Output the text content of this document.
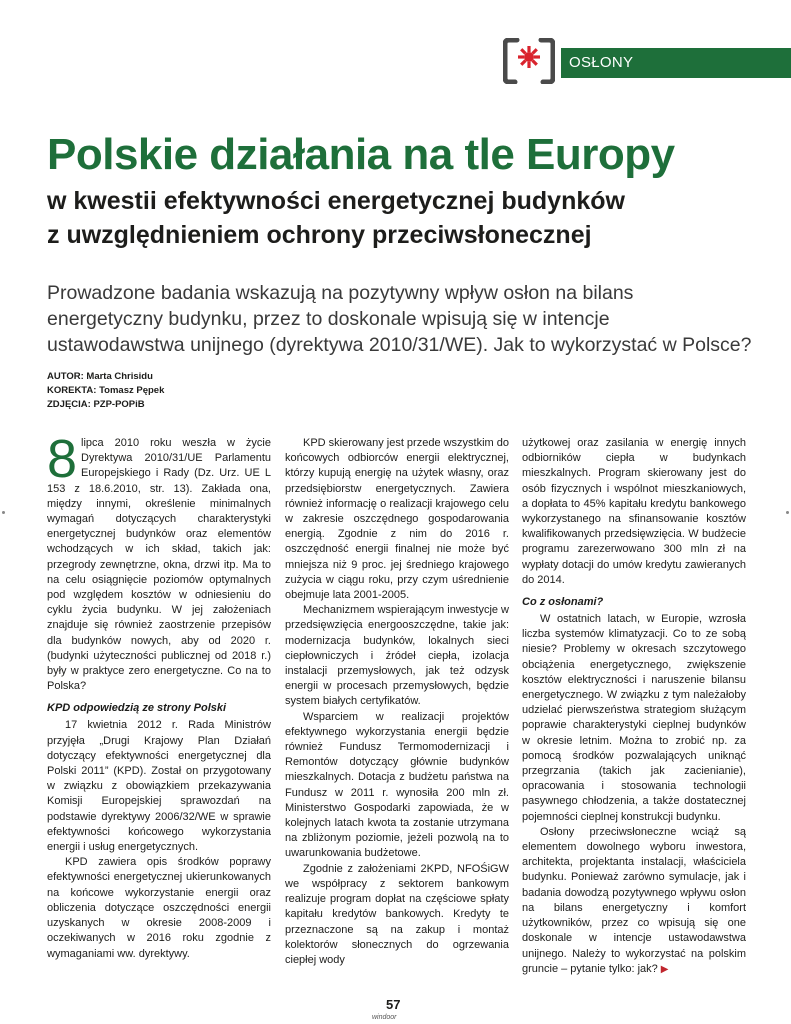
OSŁONY
Polskie działania na tle Europy
w kwestii efektywności energetycznej budynków
z uwzględnieniem ochrony przeciwsłonecznej
Prowadzone badania wskazują na pozytywny wpływ osłon na bilans
energetyczny budynku, przez to doskonale wpisują się w intencje
ustawodawstwa unijnego (dyrektywa 2010/31/WE). Jak to wykorzystać w Polsce?
AUTOR: Marta Chrisidu
KOREKTA: Tomasz Pępek
ZDJĘCIA: PZP-POPiB

8 lipca 2010 roku weszła w życie Dyrektywa 2010/31/UE Parlamentu Europejskiego i Rady (Dz. Urz. UE L 153 z 18.6.2010, str. 13). Zakłada ona, między innymi, określenie minimalnych wymagań dotyczących charakterystyki energetycznej budynków oraz elementów wchodzących w ich skład, takich jak: przegrody zewnętrzne, okna, drzwi itp. Ma to na celu osiągnięcie poziomów optymalnych pod względem kosztów w odniesieniu do cyklu życia budynku. W jej założeniach znajduje się również zaostrzenie przepisów dla budynków nowych, aby od 2020 r. (budynki użyteczności publicznej od 2018 r.) były w praktyce zero energetyczne. Co na to Polska?

KPD odpowiedzią ze strony Polski

17 kwietnia 2012 r. Rada Ministrów przyjęła „Drugi Krajowy Plan Działań dotyczący efektywności energetycznej dla Polski 2011” (KPD). Został on przygotowany w związku z obowiązkiem przekazywania Komisji Europejskiej sprawozdań na podstawie dyrektywy 2006/32/WE w sprawie efektywności końcowego wykorzystania energii i usług energetycznych.

KPD zawiera opis środków poprawy efektywności energetycznej ukierunkowanych na końcowe wykorzystanie energii oraz obliczenia dotyczące oszczędności energii uzyskanych w okresie 2008-2009 i oczekiwanych w 2016 roku zgodnie z wymaganiami ww. dyrektywy.

KPD skierowany jest przede wszystkim do końcowych odbiorców energii elektrycznej, którzy kupują energię na użytek własny, oraz przedsiębiorstw energetycznych. Zawiera również informację o realizacji krajowego celu w zakresie oszczędnego gospodarowania energią. Zgodnie z nim do 2016 r. oszczędność energii finalnej nie może być mniejsza niż 9 proc. jej średniego krajowego zużycia w ciągu roku, przy czym uśrednienie obejmuje lata 2001-2005.

Mechanizmem wspierającym inwestycje w przedsięwzięcia energooszczędne, takie jak: modernizacja budynków, lokalnych sieci ciepłowniczych i źródeł ciepła, izolacja instalacji przemysłowych, jak też odzysk energii w procesach przemysłowych, będzie system białych certyfikatów.

Wsparciem w realizacji projektów efektywnego wykorzystania energii będzie również Fundusz Termomodernizacji i Remontów dotyczący głównie budynków mieszkalnych. Dotacja z budżetu państwa na Fundusz w 2011 r. wynosiła 200 mln zł. Ministerstwo Gospodarki zapowiada, że w kolejnych latach kwota ta zostanie utrzymana na zbliżonym poziomie, jeżeli pozwolą na to uwarunkowania budżetowe.

Zgodnie z założeniami 2KPD, NFOŚiGW we współpracy z sektorem bankowym realizuje program dopłat na częściowe spłaty kapitału kredytów bankowych. Kredyty te przeznaczone są na zakup i montaż kolektorów słonecznych do ogrzewania ciepłej wody

użytkowej oraz zasilania w energię innych odbiorników ciepła w budynkach mieszkalnych. Program skierowany jest do osób fizycznych i wspólnot mieszkaniowych, a dopłata to 45% kapitału kredytu bankowego wykorzystanego na sfinansowanie kosztów kwalifikowanych przedsięwzięcia. W budżecie programu zarezerwowano 300 mln zł na wypłaty dotacji do umów kredytu zawieranych do 2014.

Co z osłonami?

W ostatnich latach, w Europie, wzrosła liczba systemów klimatyzacji. Co to ze sobą niesie? Problemy w okresach szczytowego obciążenia energetycznego, zwiększenie kosztów elektryczności i naruszenie bilansu energetycznego. W związku z tym należałoby udzielać pierwszeństwa strategiom służącym poprawie charakterystyki cieplnej budynków w okresie letnim. Można to zrobić np. za pomocą środków pozwalających uniknąć przegrzania (takich jak zacienianie), opracowania i stosowania technologii pasywnego chłodzenia, a także dostatecznej pojemności cieplnej konstrukcji budynku.

Osłony przeciwsłoneczne wciąż są elementem dowolnego wyboru inwestora, architekta, projektanta instalacji, właściciela budynku. Ponieważ zarówno symulacje, jak i badania dowodzą pozytywnego wpływu osłon na bilans energetyczny i komfort użytkowników, przez co wpisują się one doskonale w intencje ustawodawstwa unijnego. Należy to wykorzystać na polskim gruncie – pytanie tylko: jak? ▶

57
windoor
